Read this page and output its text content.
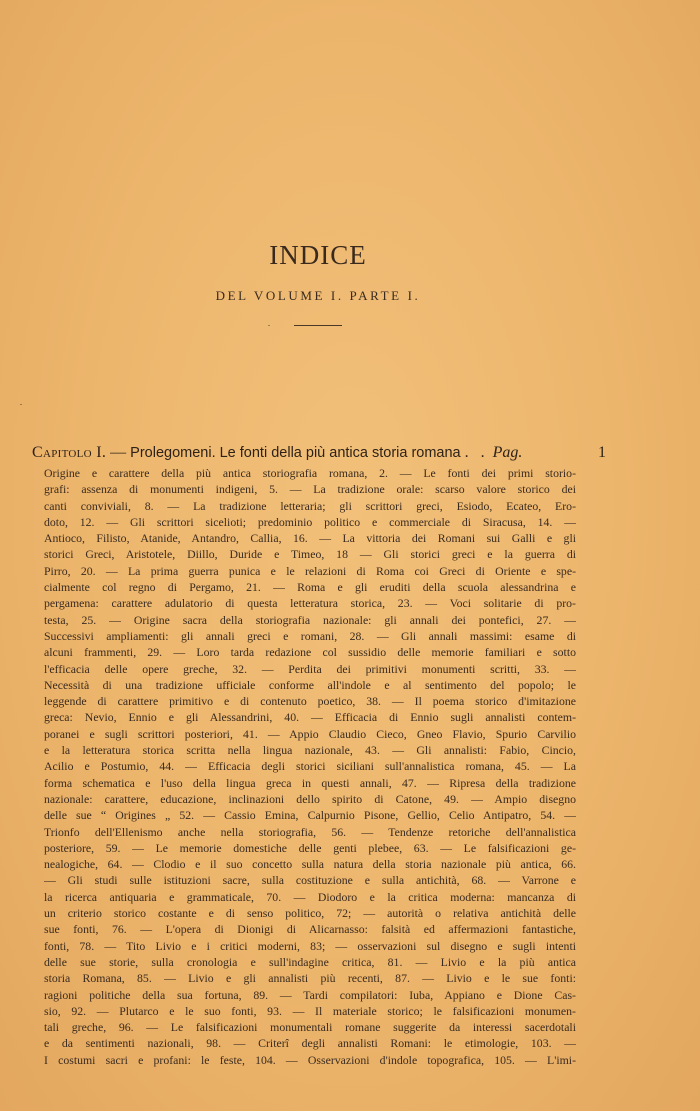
INDICE
DEL VOLUME I. PARTE I.
Capitolo I. — Prolegomeni. Le fonti della più antica storia romana . . Pag.	1
Origine e carattere della più antica storiografia romana, 2. — Le fonti dei primi storio-
grafi: assenza di monumenti indigeni, 5. — La tradizione orale: scarso valore storico dei
canti conviviali, 8. — La tradizione letteraria; gli scrittori greci, Esiodo, Ecateo, Ero-
doto, 12. — Gli scrittori sicelioti; predominio politico e commerciale di Siracusa, 14. —
Antioco, Filisto, Atanide, Antandro, Callia, 16. — La vittoria dei Romani sui Galli e gli
storici Greci, Aristotele, Diillo, Duride e Timeo, 18 — Gli storici greci e la guerra di
Pirro, 20. — La prima guerra punica e le relazioni di Roma coi Greci di Oriente e spe-
cialmente col regno di Pergamo, 21. — Roma e gli eruditi della scuola alessandrina e
pergamena: carattere adulatorio di questa letteratura storica, 23. — Voci solitarie di pro-
testa, 25. — Origine sacra della storiografia nazionale: gli annali dei pontefici, 27. —
Successivi ampliamenti: gli annali greci e romani, 28. — Gli annali massimi: esame di
alcuni frammenti, 29. — Loro tarda redazione col sussidio delle memorie familiari e sotto
l'efficacia delle opere greche, 32. — Perdita dei primitivi monumenti scritti, 33. —
Necessità di una tradizione ufficiale conforme all'indole e al sentimento del popolo; le
leggende di carattere primitivo e di contenuto poetico, 38. — Il poema storico d'imitazione
greca: Nevio, Ennio e gli Alessandrini, 40. — Efficacia di Ennio sugli annalisti contem-
poranei e sugli scrittori posteriori, 41. — Appio Claudio Cieco, Gneo Flavio, Spurio Carvilio
e la letteratura storica scritta nella lingua nazionale, 43. — Gli annalisti: Fabio, Cincio,
Acilio e Postumio, 44. — Efficacia degli storici siciliani sull'annalistica romana, 45. — La
forma schematica e l'uso della lingua greca in questi annali, 47. — Ripresa della tradizione
nazionale: carattere, educazione, inclinazioni dello spirito di Catone, 49. — Ampio disegno
delle sue “ Origines „ 52. — Cassio Emina, Calpurnio Pisone, Gellio, Celio Antipatro, 54. —
Trionfo dell'Ellenismo anche nella storiografia, 56. — Tendenze retoriche dell'annalistica
posteriore, 59. — Le memorie domestiche delle genti plebee, 63. — Le falsificazioni ge-
nealogiche, 64. — Clodio e il suo concetto sulla natura della storia nazionale più antica, 66.
— Gli studi sulle istituzioni sacre, sulla costituzione e sulla antichità, 68. — Varrone e
la ricerca antiquaria e grammaticale, 70. — Diodoro e la critica moderna: mancanza di
un criterio storico costante e di senso politico, 72; — autorità o relativa antichità delle
sue fonti, 76. — L'opera di Dionigi di Alicarnasso: falsità ed affermazioni fantastiche,
fonti, 78. — Tito Livio e i critici moderni, 83; — osservazioni sul disegno e sugli intenti
delle sue storie, sulla cronologia e sull'indagine critica, 81. — Livio e la più antica
storia Romana, 85. — Livio e gli annalisti più recenti, 87. — Livio e le sue fonti:
ragioni politiche della sua fortuna, 89. — Tardi compilatori: Iuba, Appiano e Dione Cas-
sio, 92. — Plutarco e le suo fonti, 93. — Il materiale storico; le falsificazioni monumen-
tali greche, 96. — Le falsificazioni monumentali romane suggerite da interessi sacerdotali
e da sentimenti nazionali, 98. — Criterî degli annalisti Romani: le etimologie, 103. —
I costumi sacri e profani: le feste, 104. — Osservazioni d'indole topografica, 105. — L'imi-
